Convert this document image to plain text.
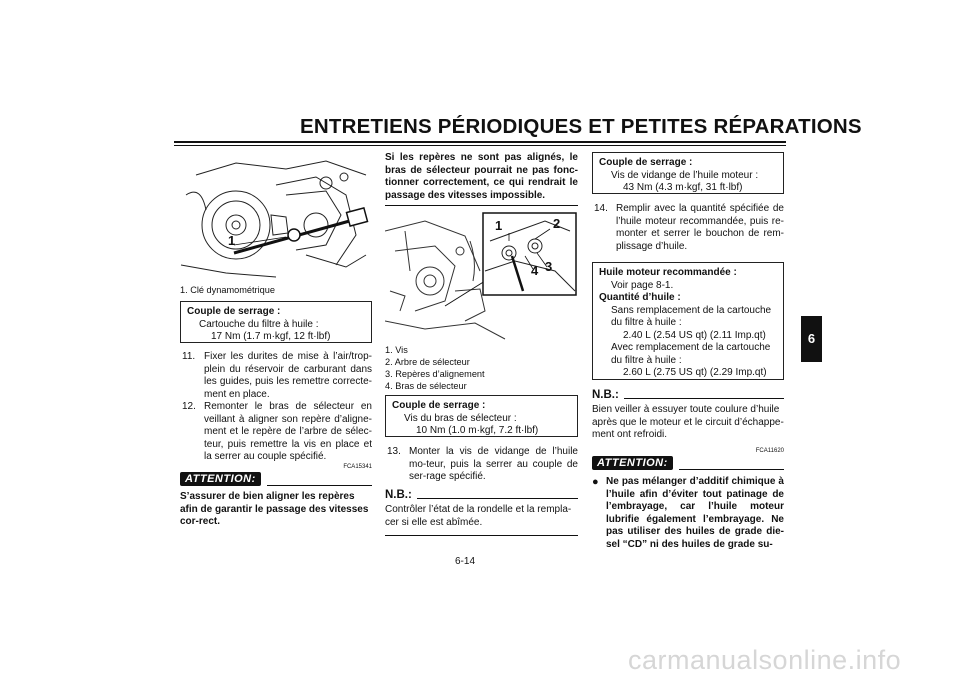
ENTRETIENS PÉRIODIQUES ET PETITES RÉPARATIONS
6
1
1. Clé dynamométrique
Couple de serrage :
Cartouche du filtre à huile :
17 Nm (1.7 m·kgf, 12 ft·lbf)
11. Fixer les durites de mise à l’air/trop-plein du réservoir de carburant dans les guides, puis les remettre correcte-ment en place.
12. Remonter le bras de sélecteur en veillant à aligner son repère d’aligne-ment et le repère de l’arbre de sélec-teur, puis remettre la vis en place et la serrer au couple spécifié.
FCA15341
ATTENTION:
S’assurer de bien aligner les repères afin de garantir le passage des vitesses cor-rect.
Si les repères ne sont pas alignés, le bras de sélecteur pourrait ne pas fonc-tionner correctement, ce qui rendrait le passage des vitesses impossible.
1	2
3
4
1. Vis
2. Arbre de sélecteur
3. Repères d’alignement
4. Bras de sélecteur
Couple de serrage :
Vis du bras de sélecteur :
10 Nm (1.0 m·kgf, 7.2 ft·lbf)
13. Monter la vis de vidange de l’huile mo-teur, puis la serrer au couple de ser-rage spécifié.
N.B.:
Contrôler l’état de la rondelle et la rempla-cer si elle est abîmée.
Couple de serrage :
Vis de vidange de l’huile moteur :
43 Nm (4.3 m·kgf, 31 ft·lbf)
14. Remplir avec la quantité spécifiée de l’huile moteur recommandée, puis re-monter et serrer le bouchon de rem-plissage d’huile.
Huile moteur recommandée :
Voir page 8-1.
Quantité d’huile :
Sans remplacement de la cartouche
du filtre à huile :
2.40 L (2.54 US qt) (2.11 Imp.qt)
Avec remplacement de la cartouche
du filtre à huile :
2.60 L (2.75 US qt) (2.29 Imp.qt)
N.B.:
Bien veiller à essuyer toute coulure d’huile après que le moteur et le circuit d’échappe-ment ont refroidi.
FCA11620
ATTENTION:
● Ne pas mélanger d’additif chimique à l’huile afin d’éviter tout patinage de l’embrayage, car l’huile moteur lubrifie également l’embrayage. Ne pas utiliser des huiles de grade die-sel “CD” ni des huiles de grade su-
6-14
carmanualsonline.info
